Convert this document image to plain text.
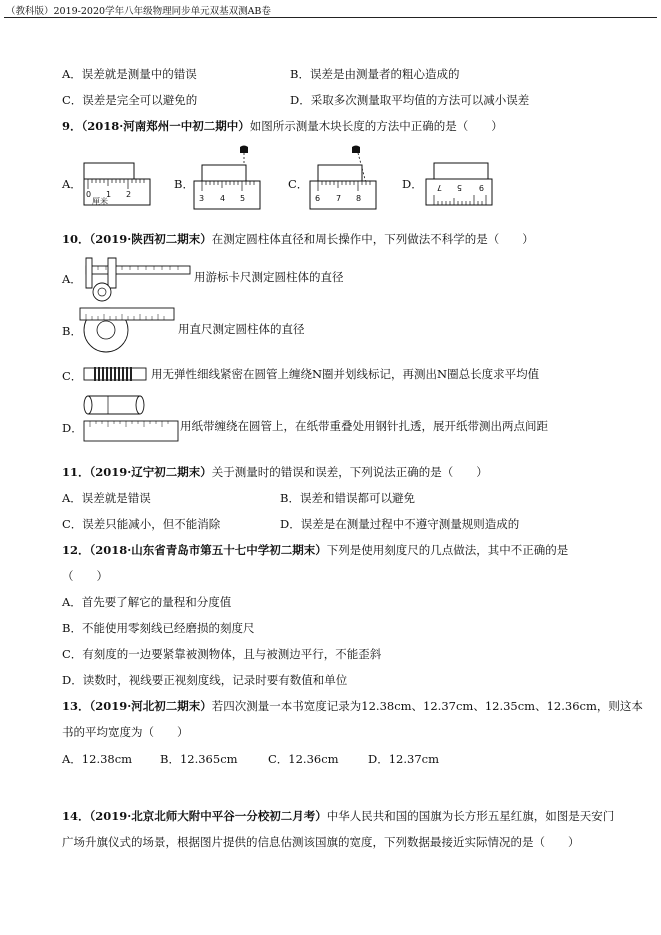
（教科版）2019-2020学年八年级物理同步单元双基双测AB卷
A．误差就是测量中的错误	B．误差是由测量者的粗心造成的
C．误差是完全可以避免的	D．采取多次测量取平均值的方法可以减小误差
9．（2018·河南郑州一中初二期中）如图所示测量木块长度的方法中正确的是（　　）
A．
0 1 2
厘米
B．
3 4 5
C．
6 7 8
D． 7 5 9
10．（2019·陕西初二期末）在测定圆柱体直径和周长操作中，下列做法不科学的是（　　）
A．	用游标卡尺测定圆柱体的直径
B．	用直尺测定圆柱体的直径
C．	用无弹性细线紧密在圆管上缠绕N圈并划线标记，再测出N圈总长度求平均值
D．	用纸带缠绕在圆管上，在纸带重叠处用钢针扎透，展开纸带测出两点间距
11．（2019·辽宁初二期末）关于测量时的错误和误差，下列说法正确的是（　　）
A．误差就是错误	B．误差和错误都可以避免
C．误差只能减小，但不能消除	D．误差是在测量过程中不遵守测量规则造成的
12．（2018·山东省青岛市第五十七中学初二期末）下列是使用刻度尺的几点做法，其中不正确的是
（　　）
A．首先要了解它的量程和分度值
B．不能使用零刻线已经磨损的刻度尺
C．有刻度的一边要紧靠被测物体，且与被测边平行，不能歪斜
D．读数时，视线要正视刻度线，记录时要有数值和单位
13．（2019·河北初二期末）若四次测量一本书宽度记录为12.38cm、12.37cm、12.35cm、12.36cm，则这本
书的平均宽度为（　　）
A．12.38cm B．12.365cm	C．12.36cm	D．12.37cm
14．（2019·北京北师大附中平谷一分校初二月考）中华人民共和国的国旗为长方形五星红旗，如图是天安门
广场升旗仪式的场景，根据图片提供的信息估测该国旗的宽度，下列数据最接近实际情况的是（　　）
